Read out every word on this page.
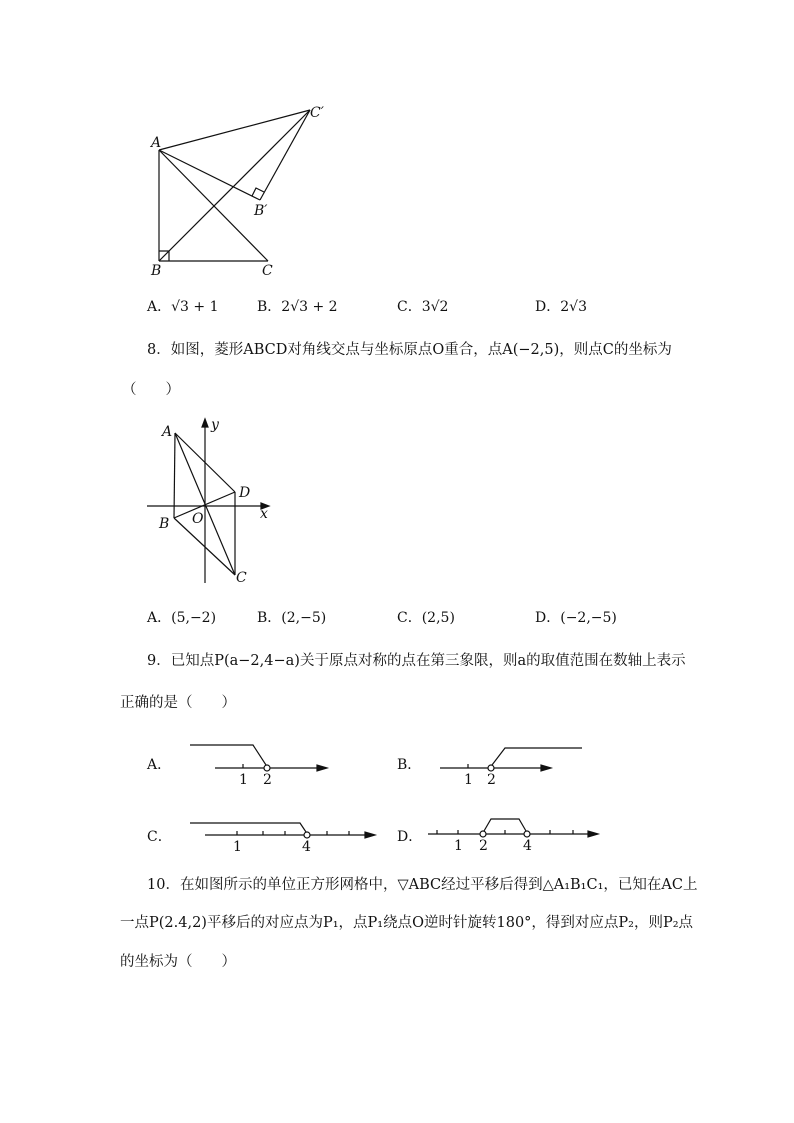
A
B	C
B′
C′
A．√3 + 1	B．2√3 + 2	C．3√2	D．2√3
8．如图，菱形ABCD对角线交点与坐标原点O重合，点A(−2,5)，则点C的坐标为
（　　）
A
B
C
D
O	x
y
A．(5,−2)	B．(2,−5)	C．(2,5)	D．(−2,−5)
9．已知点P(a−2,4−a)关于原点对称的点在第三象限，则a的取值范围在数轴上表示
正确的是（　　）
A．
1 2
B．
1 2
C．
1	4
D．
1 2	4
10．在如图所示的单位正方形网格中，▽ABC经过平移后得到△A₁B₁C₁，已知在AC上
一点P(2.4,2)平移后的对应点为P₁，点P₁绕点O逆时针旋转180°，得到对应点P₂，则P₂点
的坐标为（　　）
